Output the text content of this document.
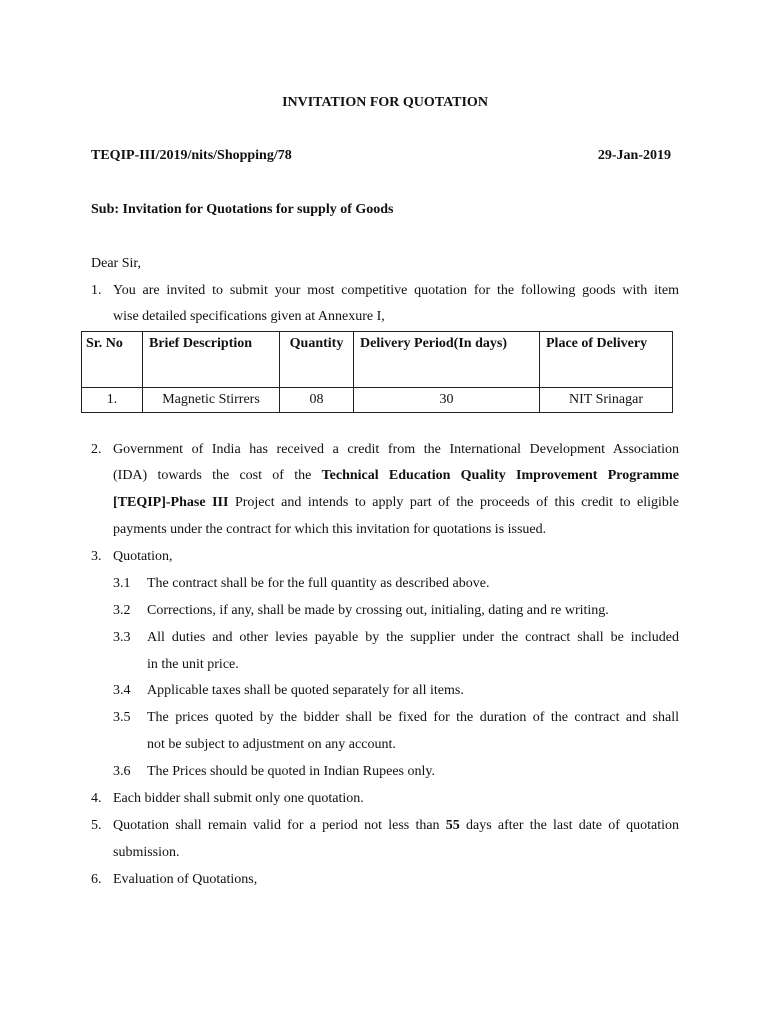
INVITATION FOR QUOTATION
TEQIP-III/2019/nits/Shopping/78	29-Jan-2019
Sub: Invitation for Quotations for supply of Goods
Dear Sir,
1. You are invited to submit your most competitive quotation for the following goods with item
wise detailed specifications given at Annexure I,
Sr. No	Brief Description	Quantity	Delivery Period(In days)	Place of Delivery
1.	Magnetic Stirrers	08	30	NIT Srinagar
2. Government of India has received a credit from the International Development Association
(IDA) towards the cost of the Technical Education Quality Improvement Programme
[TEQIP]-Phase III Project and intends to apply part of the proceeds of this credit to eligible
payments under the contract for which this invitation for quotations is issued.
3. Quotation,
3.1 The contract shall be for the full quantity as described above.
3.2 Corrections, if any, shall be made by crossing out, initialing, dating and re writing.
3.3 All duties and other levies payable by the supplier under the contract shall be included
in the unit price.
3.4 Applicable taxes shall be quoted separately for all items.
3.5 The prices quoted by the bidder shall be fixed for the duration of the contract and shall
not be subject to adjustment on any account.
3.6 The Prices should be quoted in Indian Rupees only.
4. Each bidder shall submit only one quotation.
5. Quotation shall remain valid for a period not less than 55 days after the last date of quotation
submission.
6. Evaluation of Quotations,
